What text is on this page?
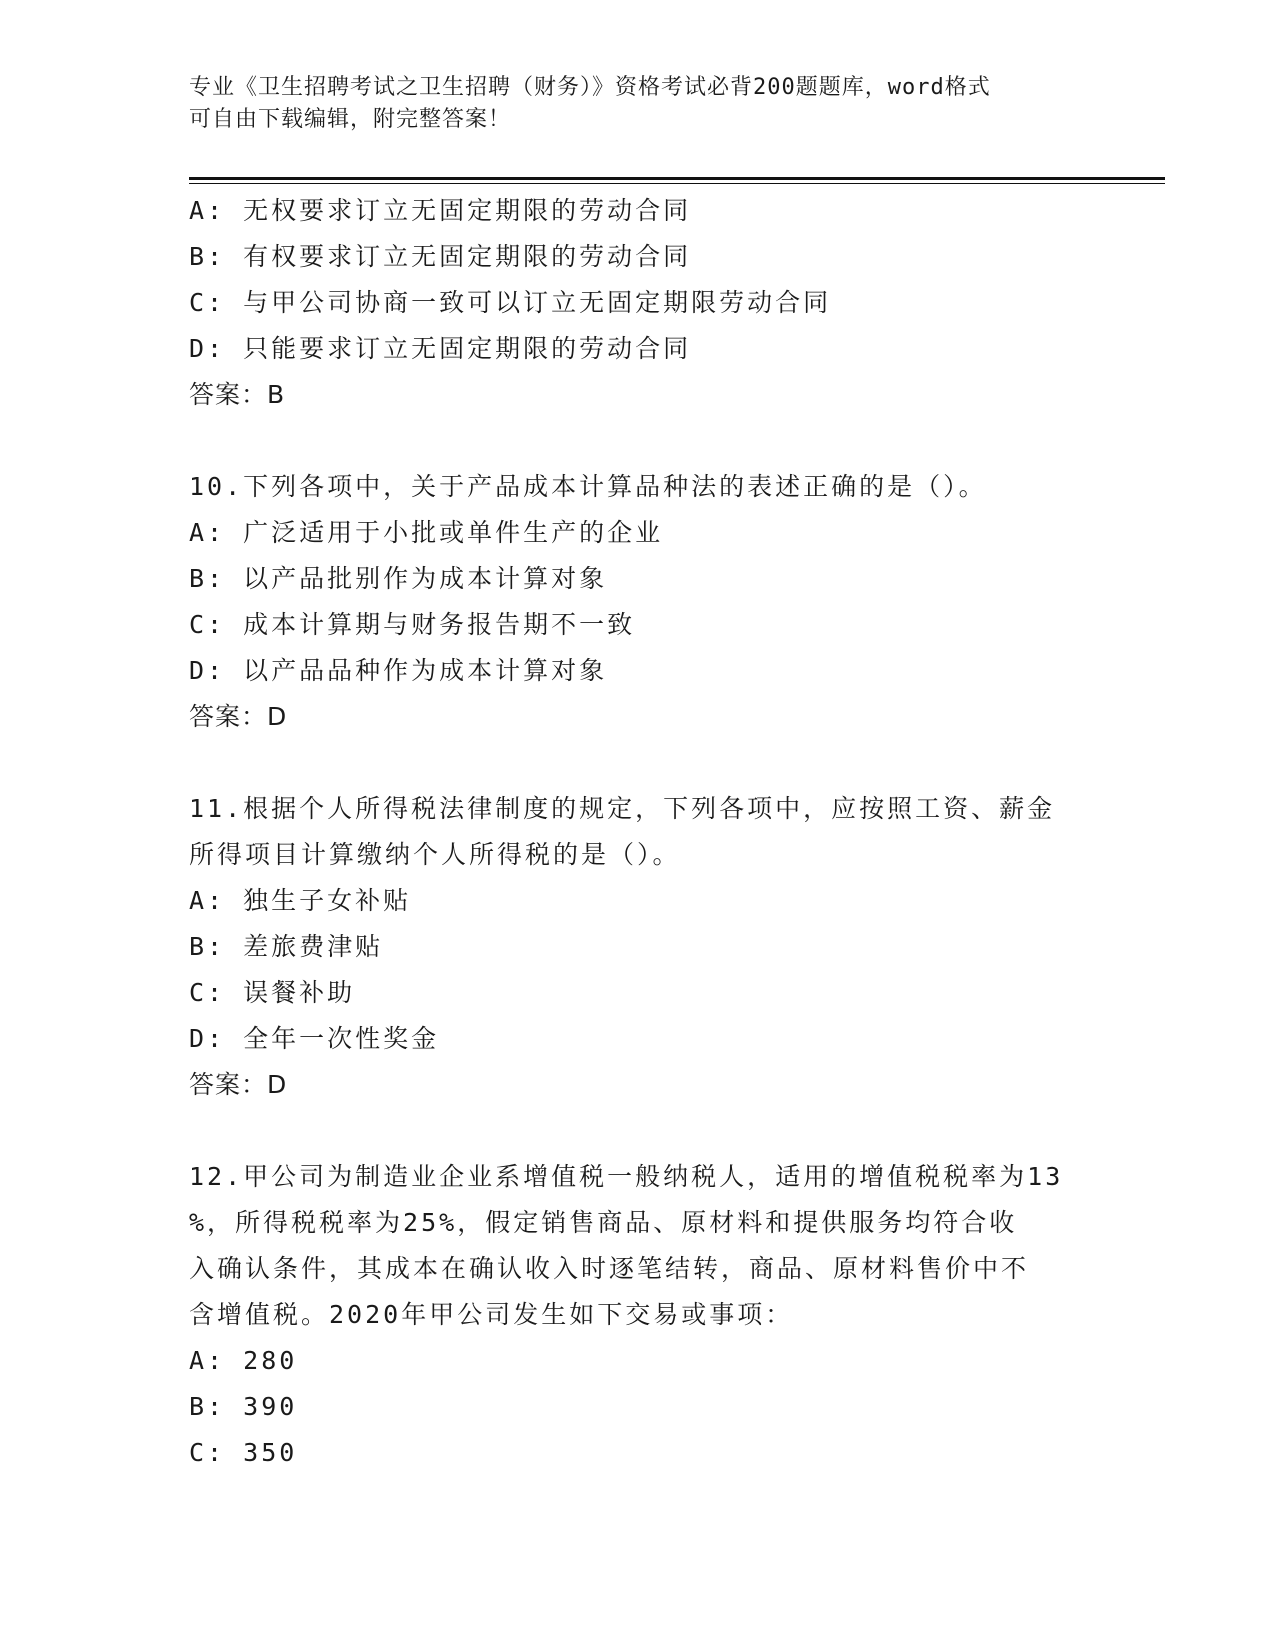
专业《卫生招聘考试之卫生招聘（财务）》资格考试必背200题题库，word格式
可自由下载编辑，附完整答案！
A: 无权要求订立无固定期限的劳动合同
B: 有权要求订立无固定期限的劳动合同
C: 与甲公司协商一致可以订立无固定期限劳动合同
D: 只能要求订立无固定期限的劳动合同
答案：B
10.下列各项中，关于产品成本计算品种法的表述正确的是（）。
A: 广泛适用于小批或单件生产的企业
B: 以产品批别作为成本计算对象
C: 成本计算期与财务报告期不一致
D: 以产品品种作为成本计算对象
答案：D
11.根据个人所得税法律制度的规定，下列各项中，应按照工资、薪金
所得项目计算缴纳个人所得税的是（）。
A: 独生子女补贴
B: 差旅费津贴
C: 误餐补助
D: 全年一次性奖金
答案：D
12.甲公司为制造业企业系增值税一般纳税人，适用的增值税税率为13
%，所得税税率为25%，假定销售商品、原材料和提供服务均符合收
入确认条件，其成本在确认收入时逐笔结转，商品、原材料售价中不
含增值税。2020年甲公司发生如下交易或事项：
A: 280
B: 390
C: 350
